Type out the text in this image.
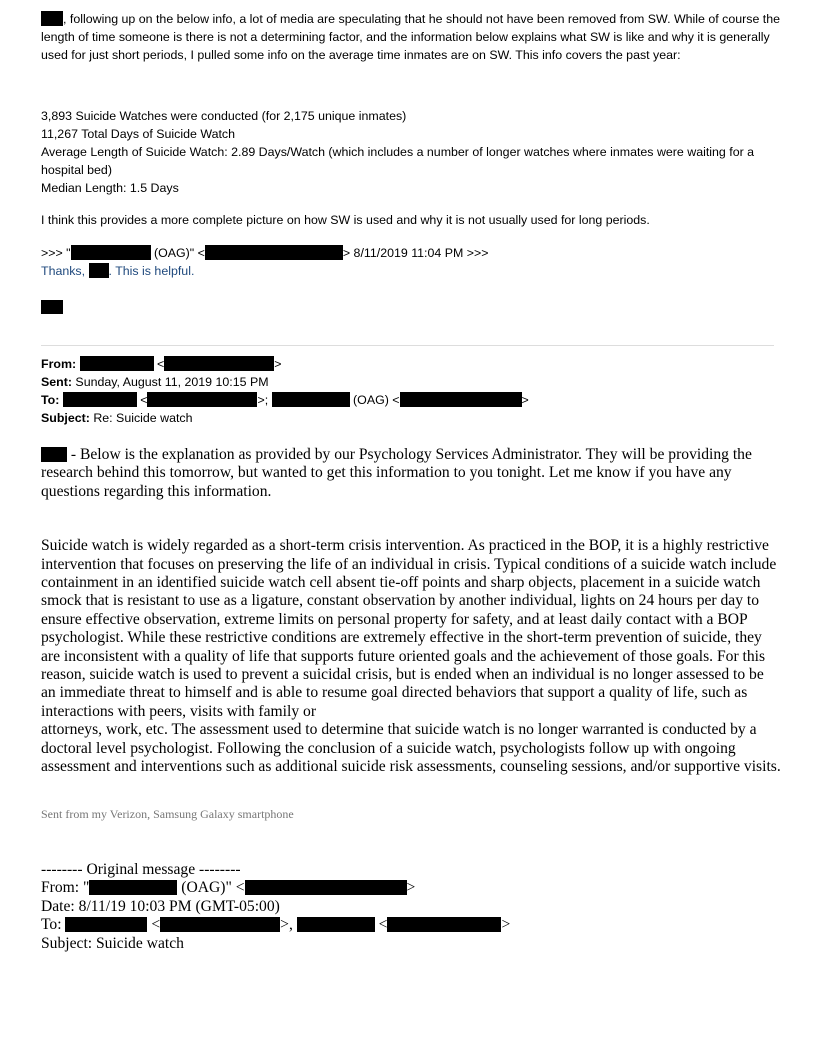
, following up on the below info, a lot of media are speculating that he should not have been removed from SW. While of course the length of time someone is there is not a determining factor, and the information below explains what SW is like and why it is generally used for just short periods, I pulled some info on the average time inmates are on SW. This info covers the past year:

3,893 Suicide Watches were conducted (for 2,175 unique inmates)

11,267 Total Days of Suicide Watch

Average Length of Suicide Watch: 2.89 Days/Watch (which includes a number of longer watches where inmates were waiting for a hospital bed)

Median Length: 1.5 Days

I think this provides a more complete picture on how SW is used and why it is not usually used for long periods.
>>> "	(OAG)" <	> 8/11/2019 11:04 PM >>>
Thanks, . This is helpful.

From:	<	>

Sent: Sunday, August 11, 2019 10:15 PM

To:	<	>;	(OAG) <	>

Subject: Re: Suicide watch

- Below is the explanation as provided by our Psychology Services Administrator. They will be providing the research behind this tomorrow, but wanted to get this information to you tonight. Let me know if you have any questions regarding this information.
Suicide watch is widely regarded as a short-term crisis intervention. As practiced in the BOP, it is a highly restrictive intervention that focuses on preserving the life of an individual in crisis. Typical conditions of a suicide watch include containment in an identified suicide watch cell absent tie-off points and sharp objects, placement in a suicide watch smock that is resistant to use as a ligature, constant observation by another individual, lights on 24 hours per day to ensure effective observation, extreme limits on personal property for safety, and at least daily contact with a BOP psychologist. While these restrictive conditions are extremely effective in the short-term prevention of suicide, they are inconsistent with a quality of life that supports future oriented goals and the achievement of those goals. For this reason, suicide watch is used to prevent a suicidal crisis, but is ended when an individual is no longer assessed to be an immediate threat to himself and is able to resume goal directed behaviors that support a quality of life, such as interactions with peers, visits with family or
attorneys, work, etc. The assessment used to determine that suicide watch is no longer warranted is conducted by a doctoral level psychologist. Following the conclusion of a suicide watch, psychologists follow up with ongoing assessment and interventions such as additional suicide risk assessments, counseling sessions, and/or supportive visits.
Sent from my Verizon, Samsung Galaxy smartphone

-------- Original message --------

From: "	(OAG)" <	>

Date: 8/11/19 10:03 PM (GMT-05:00)

To:	<	>,	<	>

Subject: Suicide watch
